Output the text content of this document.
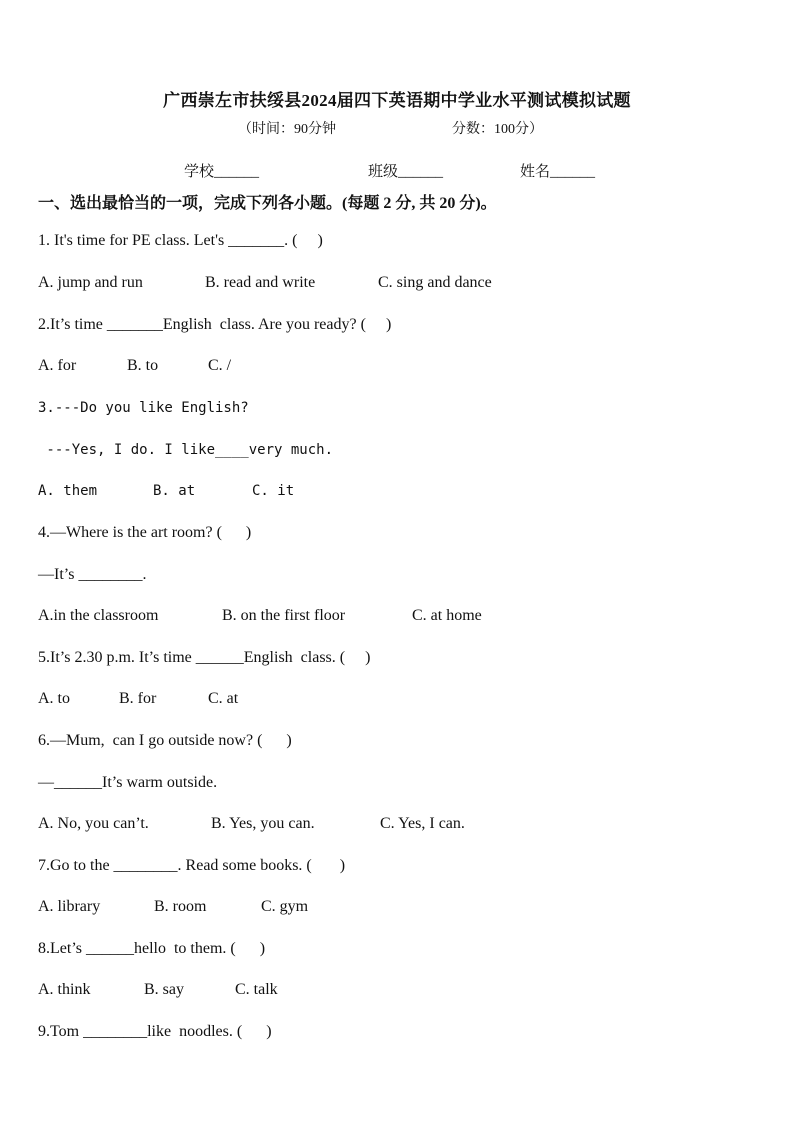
广西崇左市扶绥县2024届四下英语期中学业水平测试模拟试题
（时间：90分钟	分数：100分）
学校______	班级______	姓名______
一、选出最恰当的一项，完成下列各小题。(每题 2 分, 共 20 分)。
1. It's time for PE class. Let's _______. (     )
A. jump and run	B. read and write	C. sing and dance
2.It’s time _______English  class. Are you ready? (     )
A. for	B. to	C. /
3.---Do you like English?
---Yes, I do. I like____very much.
A. them	B. at	C. it
4.—Where is the art room? (      )
—It’s ________.
A.in the classroom	B. on the first floor	C. at home
5.It’s 2.30 p.m. It’s time ______English  class. (     )
A. to	B. for	C. at
6.—Mum,  can I go outside now? (      )
—______It’s warm outside.
A. No, you can’t.	B. Yes, you can.	C. Yes, I can.
7.Go to the ________. Read some books. (       )
A. library	B. room	C. gym
8.Let’s ______hello  to them. (      )
A. think	B. say	C. talk
9.Tom ________like  noodles. (      )
